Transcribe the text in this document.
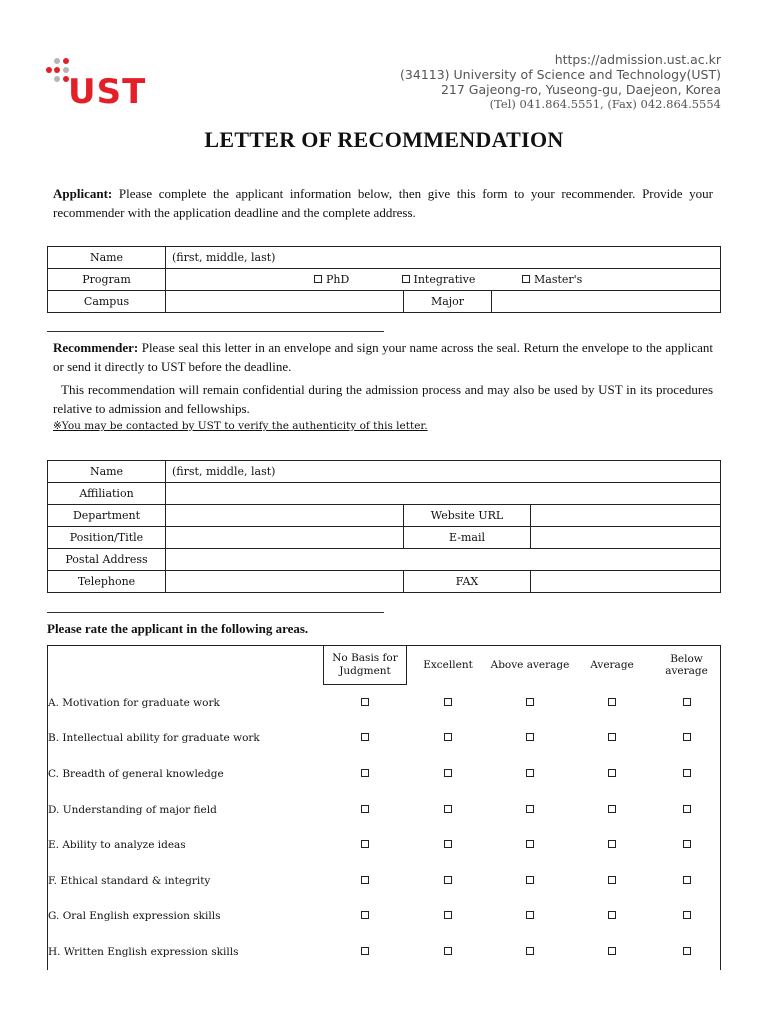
UST
https://admission.ust.ac.kr
(34113) University of Science and Technology(UST)
217 Gajeong-ro, Yuseong-gu, Daejeon, Korea
(Tel) 041.864.5551, (Fax) 042.864.5554
LETTER OF RECOMMENDATION
Applicant: Please complete the applicant information below, then give this form to your recommender. Provide your recommender with the application deadline and the complete address.
Name	(first, middle, last)		
Program	PhD Integrative Master's		
Campus		Major	
Recommender: Please seal this letter in an envelope and sign your name across the seal. Return the envelope to the applicant or send it directly to UST before the deadline.
This recommendation will remain confidential during the admission process and may also be used by UST in its procedures relative to admission and fellowships.
※You may be contacted by UST to verify the authenticity of this letter.
Name	(first, middle, last)		
Affiliation			
Department		Website URL	
Position/Title		E-mail	
Postal Address			
Telephone		FAX	
Please rate the applicant in the following areas.
	No Basis for
Judgment	Excellent	Above average	Average	Below average
A. Motivation for graduate work					
B. Intellectual ability for graduate work					
C. Breadth of general knowledge					
D. Understanding of major field					
E. Ability to analyze ideas					
F. Ethical standard & integrity					
G. Oral English expression skills					
H. Written English expression skills					
